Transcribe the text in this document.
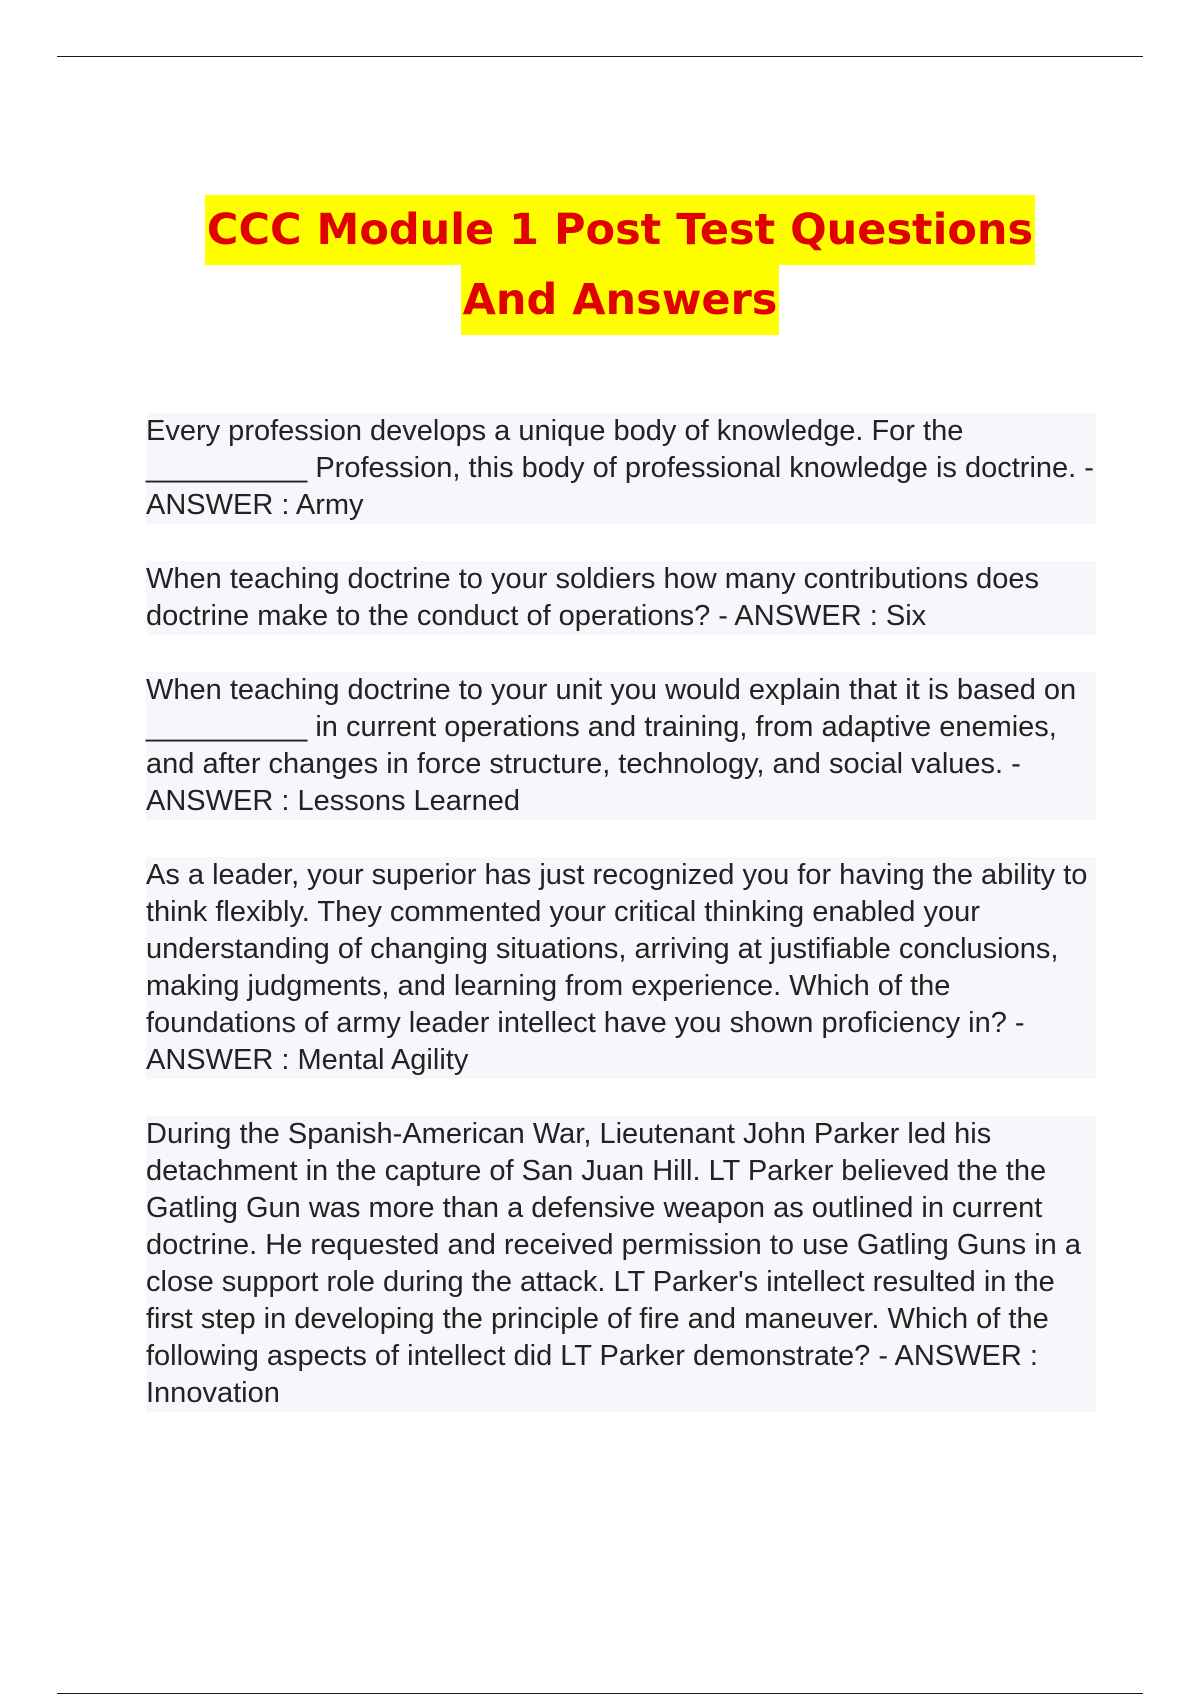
CCC Module 1 Post Test Questions
And Answers

Every profession develops a unique body of knowledge. For the __________ Profession, this body of professional knowledge is doctrine. - ANSWER : Army

When teaching doctrine to your soldiers how many contributions does doctrine make to the conduct of operations? - ANSWER : Six

When teaching doctrine to your unit you would explain that it is based on __________ in current operations and training, from adaptive enemies, and after changes in force structure, technology, and social values. - ANSWER : Lessons Learned

As a leader, your superior has just recognized you for having the ability to think flexibly. They commented your critical thinking enabled your understanding of changing situations, arriving at justifiable conclusions, making judgments, and learning from experience. Which of the foundations of army leader intellect have you shown proficiency in? - ANSWER : Mental Agility

During the Spanish-American War, Lieutenant John Parker led his detachment in the capture of San Juan Hill. LT Parker believed the the Gatling Gun was more than a defensive weapon as outlined in current doctrine. He requested and received permission to use Gatling Guns in a close support role during the attack. LT Parker's intellect resulted in the first step in developing the principle of fire and maneuver. Which of the following aspects of intellect did LT Parker demonstrate? - ANSWER : Innovation
